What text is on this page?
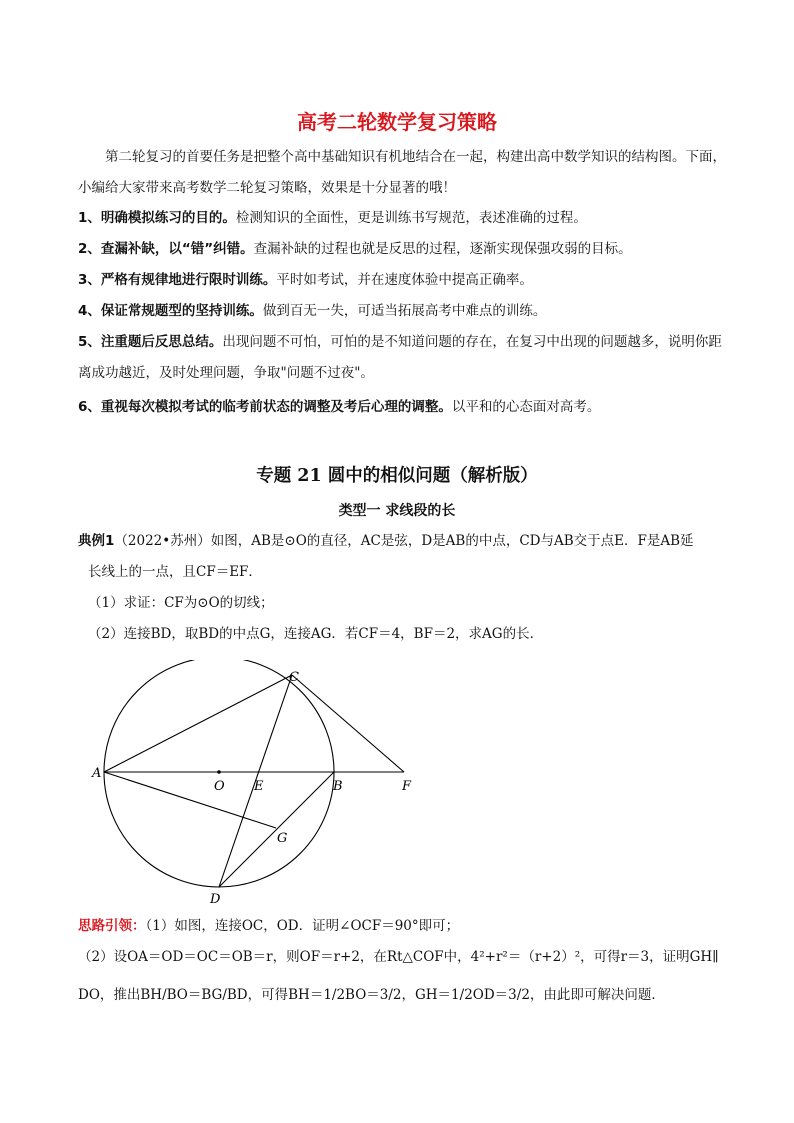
高考二轮数学复习策略
第二轮复习的首要任务是把整个高中基础知识有机地结合在一起，构建出高中数学知识的结构图。下面，小编给大家带来高考数学二轮复习策略，效果是十分显著的哦！
1、明确模拟练习的目的。检测知识的全面性，更是训练书写规范，表述准确的过程。
2、查漏补缺，以“错”纠错。查漏补缺的过程也就是反思的过程，逐渐实现保强攻弱的目标。
3、严格有规律地进行限时训练。平时如考试，并在速度体验中提高正确率。
4、保证常规题型的坚持训练。做到百无一失，可适当拓展高考中难点的训练。
5、注重题后反思总结。出现问题不可怕，可怕的是不知道问题的存在，在复习中出现的问题越多，说明你距离成功越近，及时处理问题，争取"问题不过夜"。
6、重视每次模拟考试的临考前状态的调整及考后心理的调整。以平和的心态面对高考。
专题 21 圆中的相似问题（解析版）
类型一 求线段的长
典例1（2022•苏州）如图，AB是⊙O的直径，AC是弦，D是AB的中点，CD与AB交于点E．F是AB延
长线上的一点，且CF＝EF．
（1）求证：CF为⊙O的切线；
（2）连接BD，取BD的中点G，连接AG．若CF＝4，BF＝2，求AG的长．
A
O E	B	F
C
G
D
思路引领：（1）如图，连接OC，OD．证明∠OCF＝90°即可；
（2）设OA＝OD＝OC＝OB＝r，则OF＝r+2，在Rt△COF中，4²+r²＝（r+2）²，可得r＝3，证明GH∥
DO，推出BH/BO＝BG/BD，可得BH＝1/2BO＝3/2，GH＝1/2OD＝3/2，由此即可解决问题．
